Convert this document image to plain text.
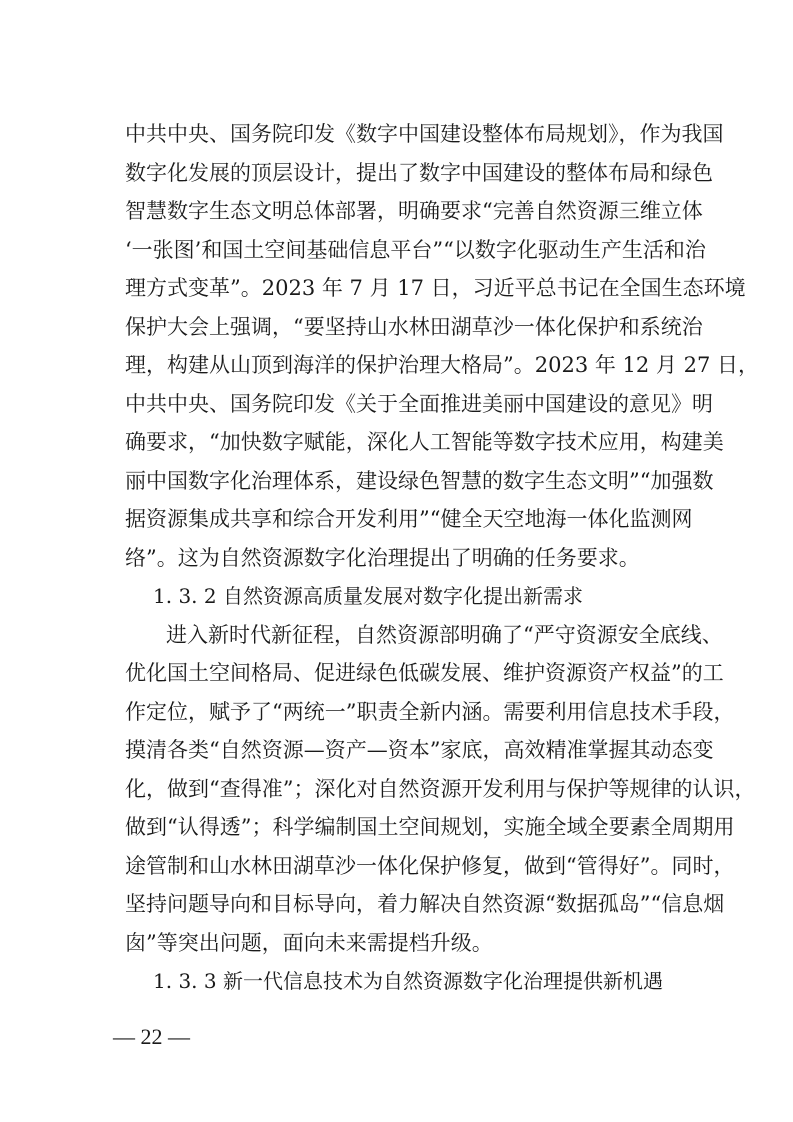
中共中央、国务院印发《数字中国建设整体布局规划》，作为我国
数字化发展的顶层设计，提出了数字中国建设的整体布局和绿色
智慧数字生态文明总体部署，明确要求“完善自然资源三维立体
‘一张图’和国土空间基础信息平台”“以数字化驱动生产生活和治
理方式变革”。2023 年 7 月 17 日，习近平总书记在全国生态环境
保护大会上强调，“要坚持山水林田湖草沙一体化保护和系统治
理，构建从山顶到海洋的保护治理大格局”。2023 年 12 月 27 日，
中共中央、国务院印发《关于全面推进美丽中国建设的意见》明
确要求，“加快数字赋能，深化人工智能等数字技术应用，构建美
丽中国数字化治理体系，建设绿色智慧的数字生态文明”“加强数
据资源集成共享和综合开发利用”“健全天空地海一体化监测网
络”。这为自然资源数字化治理提出了明确的任务要求。
1. 3. 2 自然资源高质量发展对数字化提出新需求
进入新时代新征程，自然资源部明确了“严守资源安全底线、
优化国土空间格局、促进绿色低碳发展、维护资源资产权益”的工
作定位，赋予了“两统一”职责全新内涵。需要利用信息技术手段，
摸清各类“自然资源—资产—资本”家底，高效精准掌握其动态变
化，做到“查得准”；深化对自然资源开发利用与保护等规律的认识，
做到“认得透”；科学编制国土空间规划，实施全域全要素全周期用
途管制和山水林田湖草沙一体化保护修复，做到“管得好”。同时，
坚持问题导向和目标导向，着力解决自然资源“数据孤岛”“信息烟
囱”等突出问题，面向未来需提档升级。
1. 3. 3 新一代信息技术为自然资源数字化治理提供新机遇
— 22 —
